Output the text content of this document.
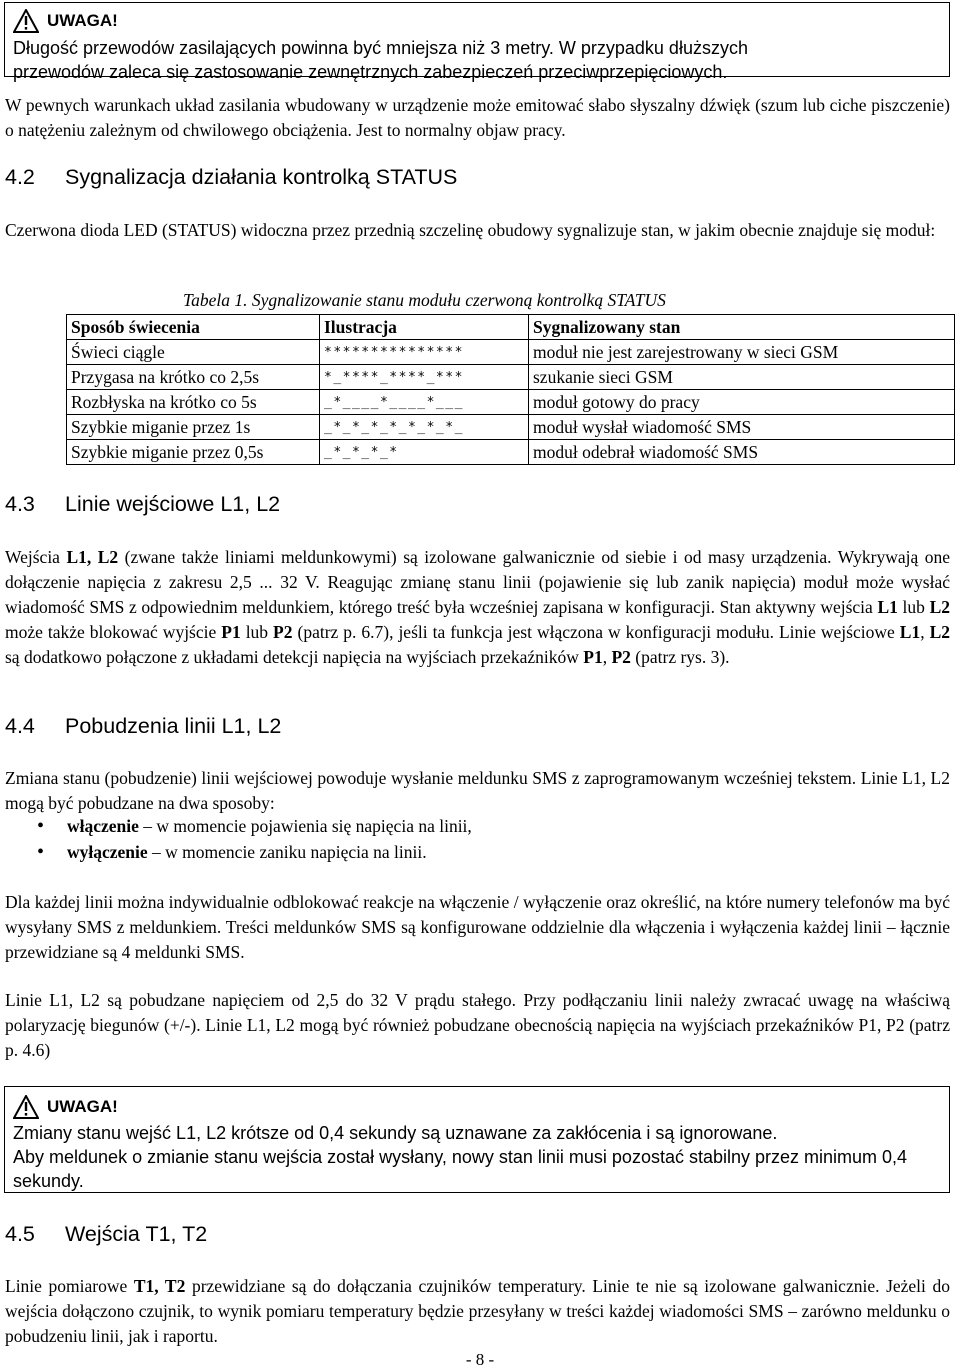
UWAGA!
Długość przewodów zasilających powinna być mniejsza niż 3 metry. W przypadku dłuższych
przewodów zaleca się zastosowanie zewnętrznych zabezpieczeń przeciwprzepięciowych.
W pewnych warunkach układ zasilania wbudowany w urządzenie może emitować słabo słyszalny dźwięk (szum lub ciche piszczenie) o natężeniu zależnym od chwilowego obciążenia. Jest to normalny objaw pracy.
4.2 Sygnalizacja działania kontrolką STATUS
Czerwona dioda LED (STATUS) widoczna przez przednią szczelinę obudowy sygnalizuje stan, w jakim obecnie znajduje się moduł:
Tabela 1. Sygnalizowanie stanu modułu czerwoną kontrolką STATUS
Sposób świecenia	Ilustracja	Sygnalizowany stan
Świeci ciągle	***************	moduł nie jest zarejestrowany w sieci GSM
Przygasa na krótko co 2,5s	*_****_****_***	szukanie sieci GSM
Rozbłyska na krótko co 5s	_*____*____*___	moduł gotowy do pracy
Szybkie miganie przez 1s	_*_*_*_*_*_*_*_	moduł wysłał wiadomość SMS
Szybkie miganie przez 0,5s	_*_*_*_*	moduł odebrał wiadomość SMS
4.3 Linie wejściowe L1, L2
Wejścia L1, L2 (zwane także liniami meldunkowymi) są izolowane galwanicznie od siebie i od masy urządzenia. Wykrywają one dołączenie napięcia z zakresu 2,5 ... 32 V. Reagując zmianę stanu linii (pojawienie się lub zanik napięcia) moduł może wysłać wiadomość SMS z odpowiednim meldunkiem, którego treść była wcześniej zapisana w konfiguracji. Stan aktywny wejścia L1 lub L2 może także blokować wyjście P1 lub P2 (patrz p. 6.7), jeśli ta funkcja jest włączona w konfiguracji modułu. Linie wejściowe L1, L2 są dodatkowo połączone z układami detekcji napięcia na wyjściach przekaźników P1, P2 (patrz rys. 3).
4.4 Pobudzenia linii L1, L2
Zmiana stanu (pobudzenie) linii wejściowej powoduje wysłanie meldunku SMS z zaprogramowanym wcześniej tekstem. Linie L1, L2 mogą być pobudzane na dwa sposoby:
• włączenie – w momencie pojawienia się napięcia na linii,
• wyłączenie – w momencie zaniku napięcia na linii.
Dla każdej linii można indywidualnie odblokować reakcje na włączenie / wyłączenie oraz określić, na które numery telefonów ma być wysyłany SMS z meldunkiem. Treści meldunków SMS są konfigurowane oddzielnie dla włączenia i wyłączenia każdej linii – łącznie przewidziane są 4 meldunki SMS.
Linie L1, L2 są pobudzane napięciem od 2,5 do 32 V prądu stałego. Przy podłączaniu linii należy zwracać uwagę na właściwą polaryzację biegunów (+/-). Linie L1, L2 mogą być również pobudzane obecnością napięcia na wyjściach przekaźników P1, P2 (patrz p. 4.6)
UWAGA!
Zmiany stanu wejść L1, L2 krótsze od 0,4 sekundy są uznawane za zakłócenia i są ignorowane.
Aby meldunek o zmianie stanu wejścia został wysłany, nowy stan linii musi pozostać stabilny przez minimum 0,4 sekundy.
4.5 Wejścia T1, T2
Linie pomiarowe T1, T2 przewidziane są do dołączania czujników temperatury. Linie te nie są izolowane galwanicznie. Jeżeli do wejścia dołączono czujnik, to wynik pomiaru temperatury będzie przesyłany w treści każdej wiadomości SMS – zarówno meldunku o pobudzeniu linii, jak i raportu.
- 8 -
